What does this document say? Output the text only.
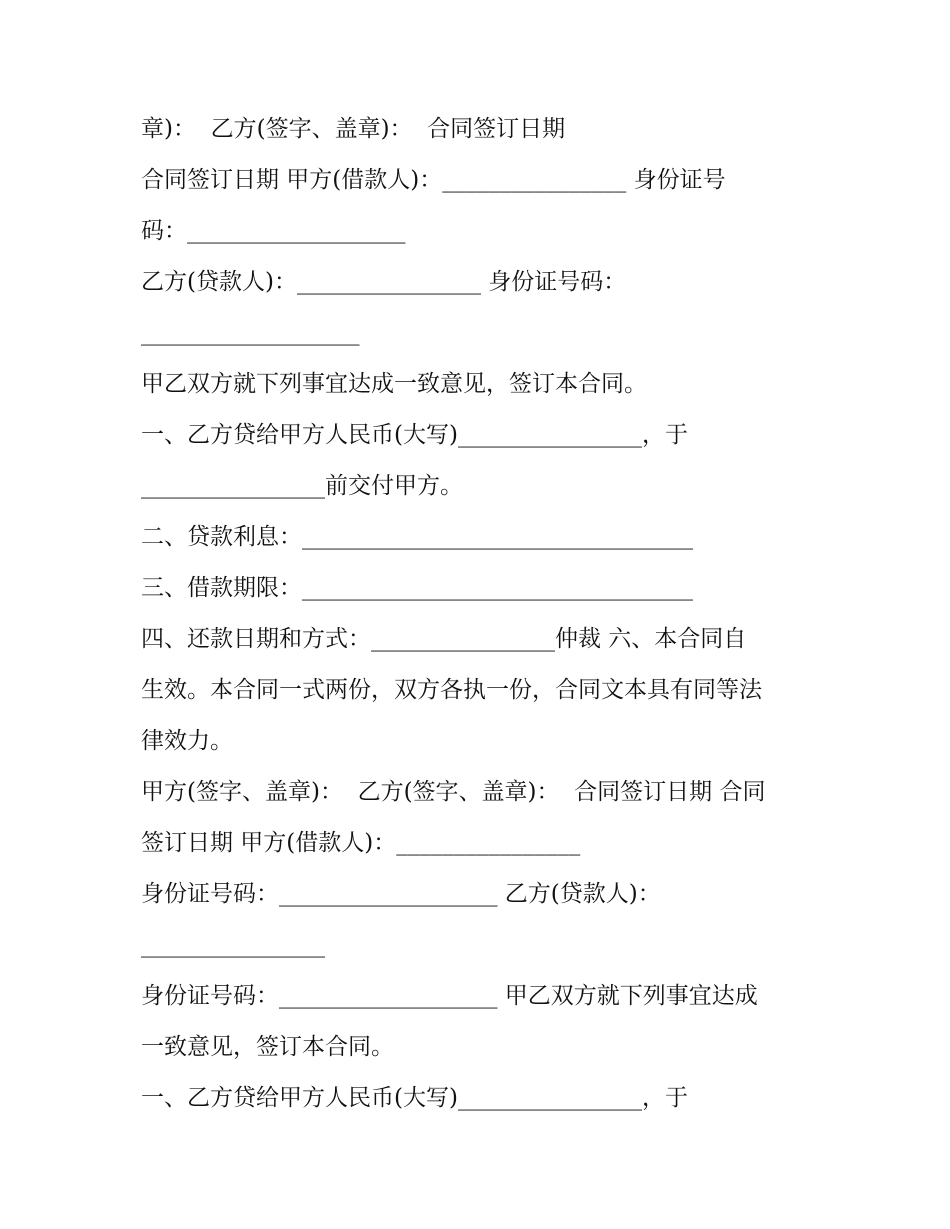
章)：  乙方(签字、盖章)：  合同签订日期

合同签订日期 甲方(借款人)：________________ 身份证号

码：___________________

乙方(贷款人)：________________ 身份证号码：

___________________

甲乙双方就下列事宜达成一致意见，签订本合同。

一、乙方贷给甲方人民币(大写)________________，于

________________前交付甲方。

二、贷款利息：__________________________________

三、借款期限：__________________________________

四、还款日期和方式：________________仲裁 六、本合同自

生效。本合同一式两份，双方各执一份，合同文本具有同等法

律效力。

甲方(签字、盖章)：  乙方(签字、盖章)：  合同签订日期 合同

签订日期 甲方(借款人)：________________

身份证号码：___________________ 乙方(贷款人)：

________________

身份证号码：___________________ 甲乙双方就下列事宜达成

一致意见，签订本合同。

一、乙方贷给甲方人民币(大写)________________，于
